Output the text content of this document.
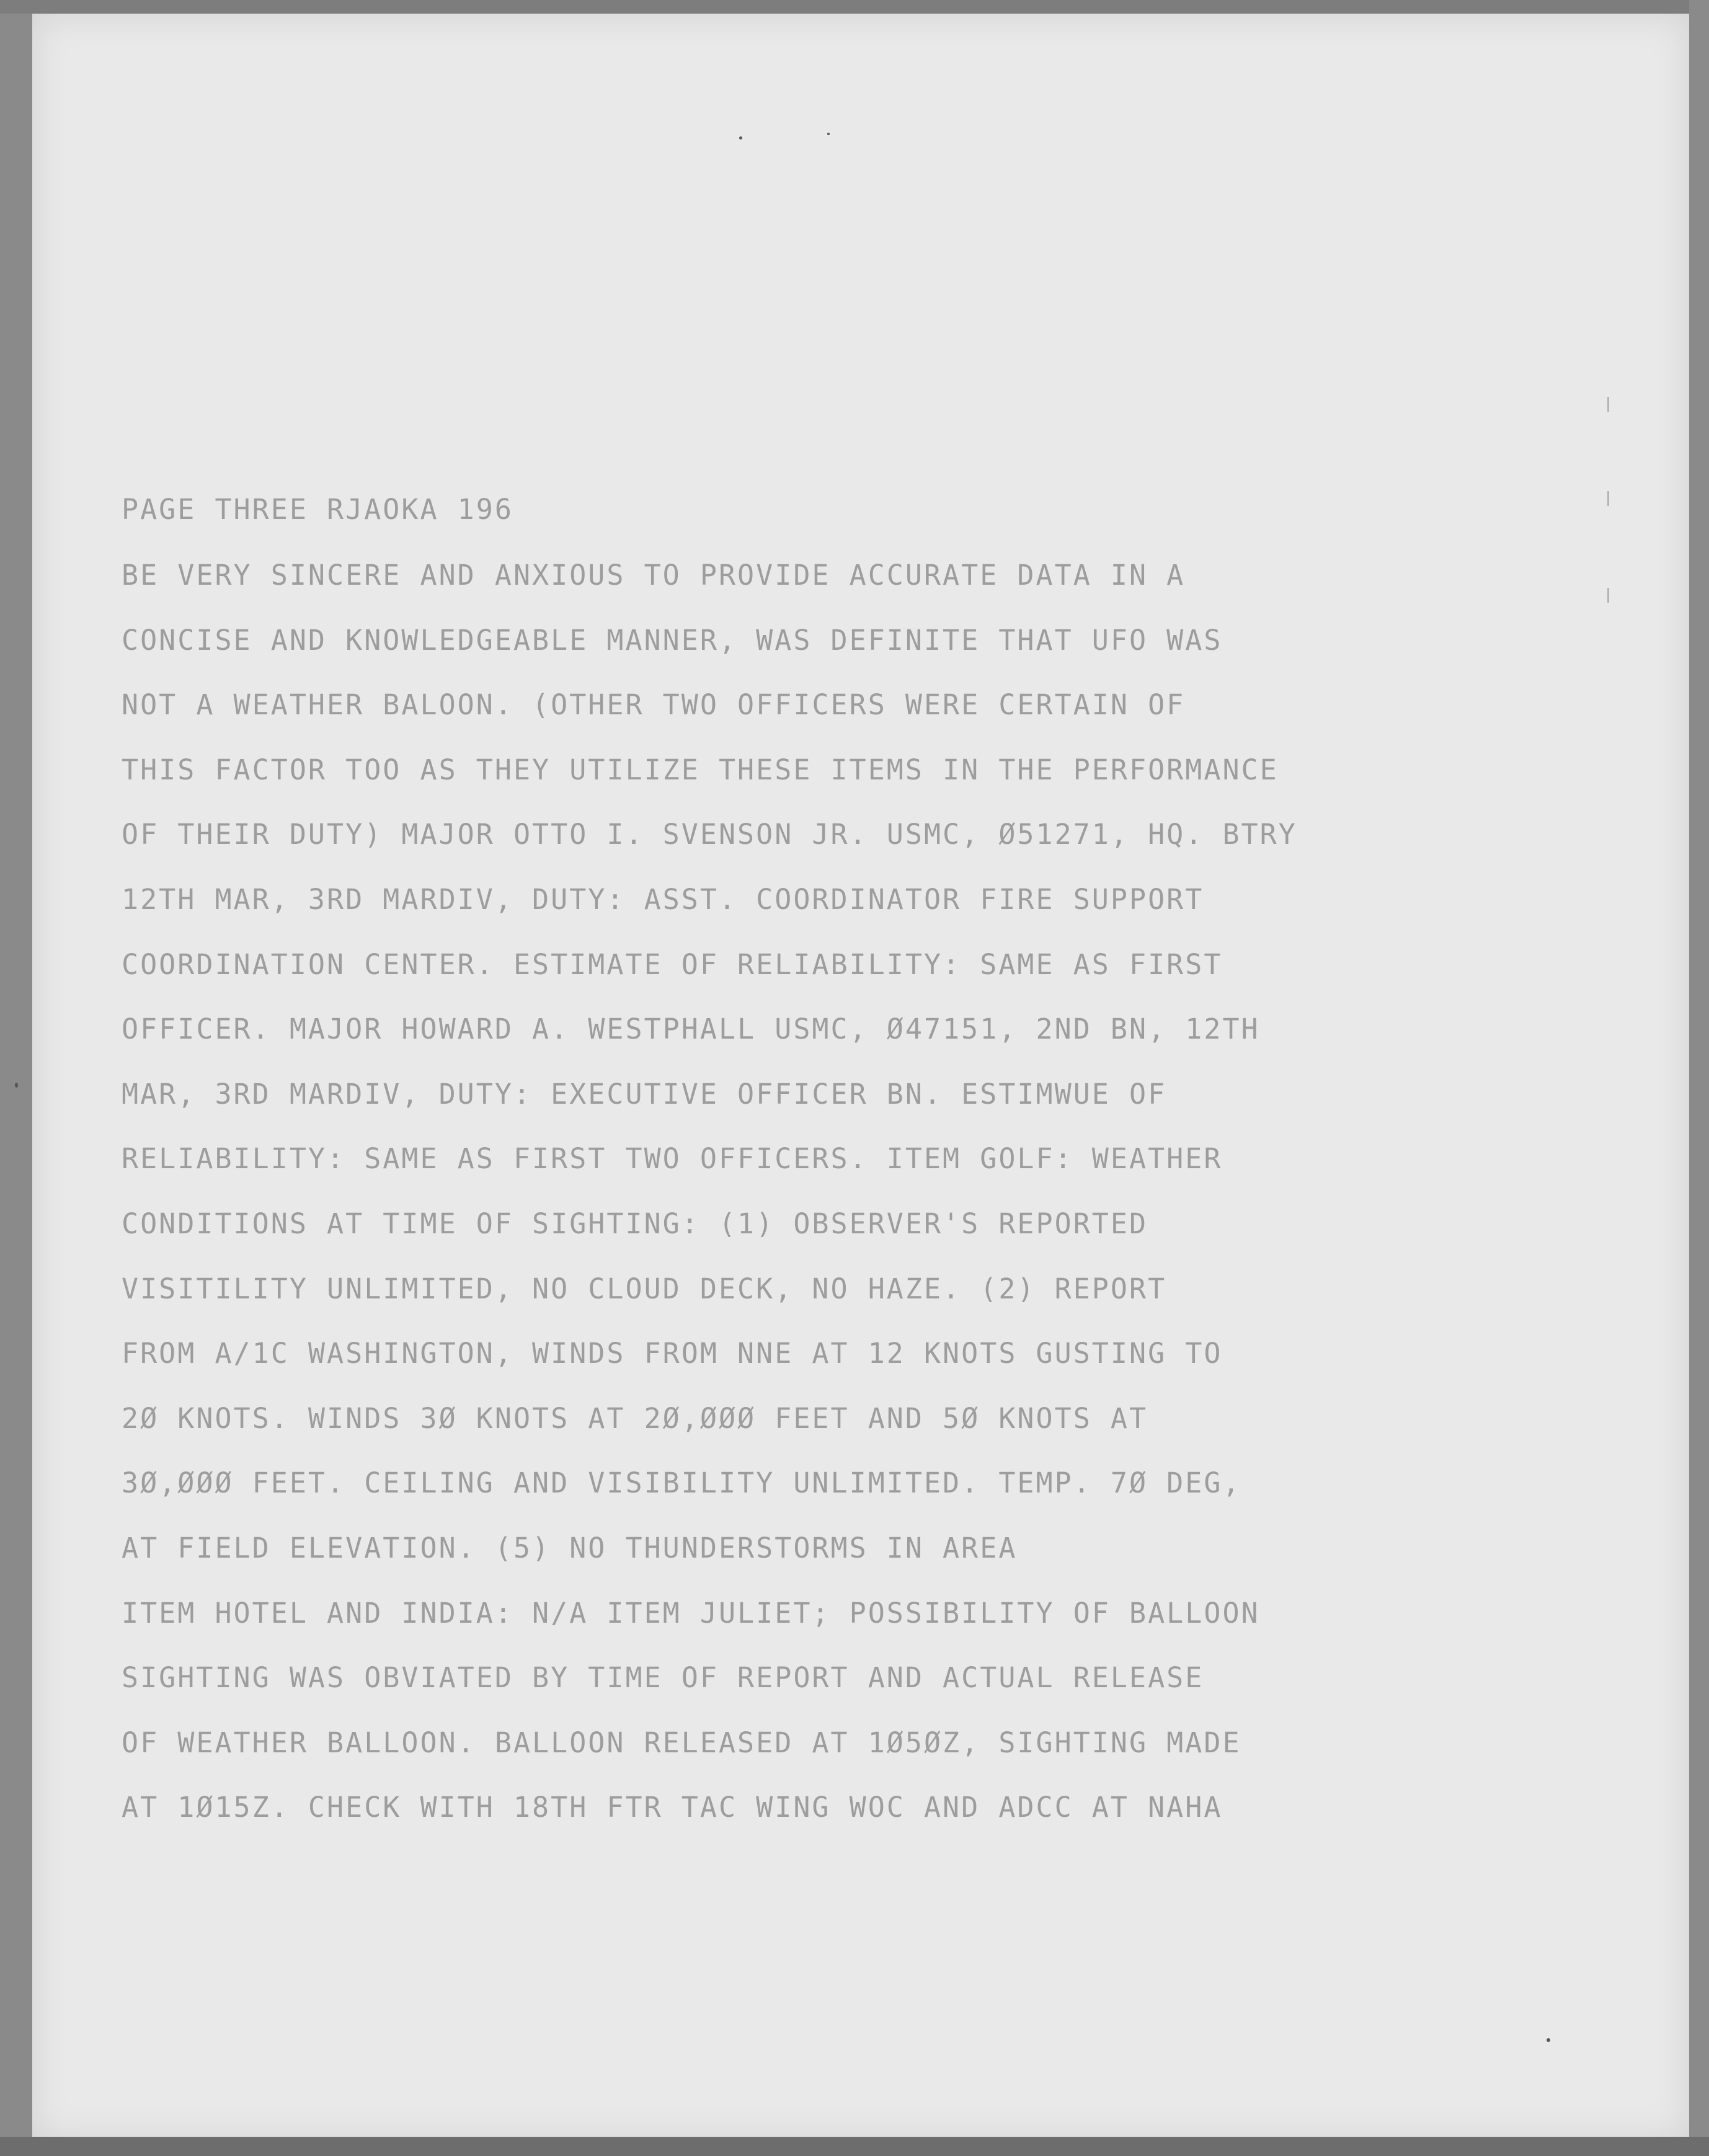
PAGE THREE RJAOKA 196
BE VERY SINCERE AND ANXIOUS TO PROVIDE ACCURATE DATA IN A
CONCISE AND KNOWLEDGEABLE MANNER, WAS DEFINITE THAT UFO WAS
NOT A WEATHER BALOON. (OTHER TWO OFFICERS WERE CERTAIN OF
THIS FACTOR TOO AS THEY UTILIZE THESE ITEMS IN THE PERFORMANCE
OF THEIR DUTY) MAJOR OTTO I. SVENSON JR. USMC, Ø51271, HQ. BTRY
12TH MAR, 3RD MARDIV, DUTY: ASST. COORDINATOR FIRE SUPPORT
COORDINATION CENTER. ESTIMATE OF RELIABILITY: SAME AS FIRST
OFFICER. MAJOR HOWARD A. WESTPHALL USMC, Ø47151, 2ND BN, 12TH
MAR, 3RD MARDIV, DUTY: EXECUTIVE OFFICER BN. ESTIMWUE OF
RELIABILITY: SAME AS FIRST TWO OFFICERS. ITEM GOLF: WEATHER
CONDITIONS AT TIME OF SIGHTING: (1) OBSERVER'S REPORTED
VISITILITY UNLIMITED, NO CLOUD DECK, NO HAZE. (2) REPORT
FROM A/1C WASHINGTON, WINDS FROM NNE AT 12 KNOTS GUSTING TO
2Ø KNOTS. WINDS 3Ø KNOTS AT 2Ø,ØØØ FEET AND 5Ø KNOTS AT
3Ø,ØØØ FEET. CEILING AND VISIBILITY UNLIMITED. TEMP. 7Ø DEG,
AT FIELD ELEVATION. (5) NO THUNDERSTORMS IN AREA
ITEM HOTEL AND INDIA: N/A ITEM JULIET; POSSIBILITY OF BALLOON
SIGHTING WAS OBVIATED BY TIME OF REPORT AND ACTUAL RELEASE
OF WEATHER BALLOON. BALLOON RELEASED AT 1Ø5ØZ, SIGHTING MADE
AT 1Ø15Z. CHECK WITH 18TH FTR TAC WING WOC AND ADCC AT NAHA
